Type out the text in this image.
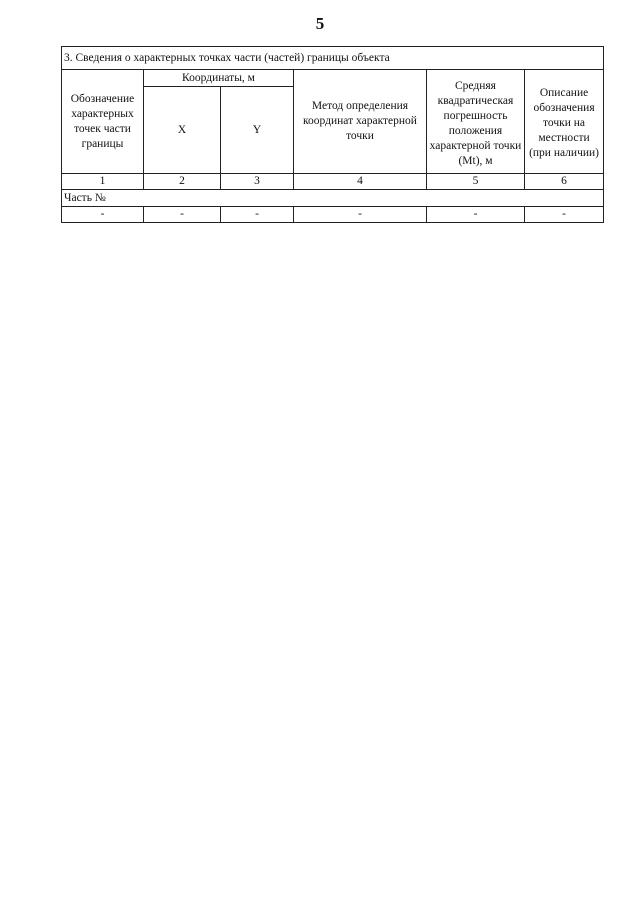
5
3. Сведения о характерных точках части (частей) границы объекта					
Обозначение характерных точек части границы	Координаты, м		Метод определения координат характерной точки	Средняя квадратическая погрешность положения характерной точки (Mt), м	Описание обозначения точки на местности (при наличии)

	X	Y			
1	2	3	4	5	6
Часть №					
-	-	-	-	-	-
